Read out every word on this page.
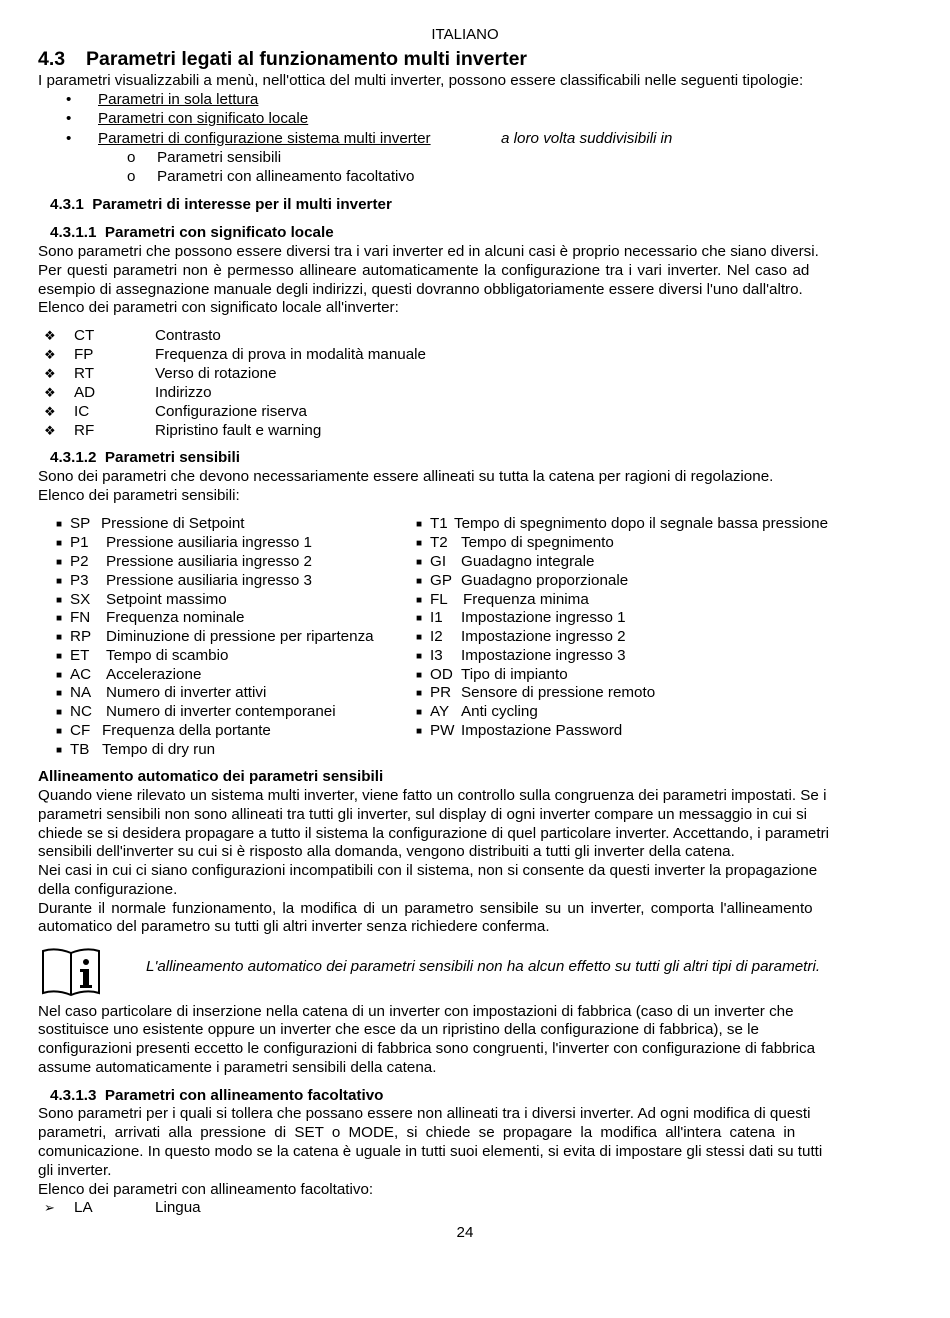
ITALIANO
4.3 Parametri legati al funzionamento multi inverter
I parametri visualizzabili a menù, nell'ottica del multi inverter, possono essere classificabili nelle seguenti tipologie:
• Parametri in sola lettura
• Parametri con significato locale
• Parametri di configurazione sistema multi inverter	a loro volta suddivisibili in
o Parametri sensibili
o Parametri con allineamento facoltativo
4.3.1 Parametri di interesse per il multi inverter
4.3.1.1 Parametri con significato locale
Sono parametri che possono essere diversi tra i vari inverter ed in alcuni casi è proprio necessario che siano diversi.
Per questi parametri non è permesso allineare automaticamente la configurazione tra i vari inverter. Nel caso ad
esempio di assegnazione manuale degli indirizzi, questi dovranno obbligatoriamente essere diversi l'uno dall'altro.
Elenco dei parametri con significato locale all'inverter:
❖ CT	Contrasto
❖ FP	Frequenza di prova in modalità manuale
❖ RT	Verso di rotazione
❖ AD	Indirizzo
❖ IC	Configurazione riserva
❖ RF	Ripristino fault e warning
4.3.1.2 Parametri sensibili
Sono dei parametri che devono necessariamente essere allineati su tutta la catena per ragioni di regolazione.
Elenco dei parametri sensibili:
■ SP Pressione di Setpoint
■ P1 Pressione ausiliaria ingresso 1
■ P2 Pressione ausiliaria ingresso 2
■ P3 Pressione ausiliaria ingresso 3
■ SX Setpoint massimo
■ FN Frequenza nominale
■ RP Diminuzione di pressione per ripartenza
■ ET Tempo di scambio
■ AC Accelerazione
■ NA Numero di inverter attivi
■ NC Numero di inverter contemporanei
■ CF Frequenza della portante
■ TB Tempo di dry run
■ T1 Tempo di spegnimento dopo il segnale bassa pressione
■ T2 Tempo di spegnimento
■ GI Guadagno integrale
■ GP Guadagno proporzionale
■ FL Frequenza minima
■ I1 Impostazione ingresso 1
■ I2 Impostazione ingresso 2
■ I3 Impostazione ingresso 3
■ OD Tipo di impianto
■ PR Sensore di pressione remoto
■ AY Anti cycling
■ PW Impostazione Password
Allineamento automatico dei parametri sensibili
Quando viene rilevato un sistema multi inverter, viene fatto un controllo sulla congruenza dei parametri impostati. Se i
parametri sensibili non sono allineati tra tutti gli inverter, sul display di ogni inverter compare un messaggio in cui si
chiede se si desidera propagare a tutto il sistema la configurazione di quel particolare inverter. Accettando, i parametri
sensibili dell'inverter su cui si è risposto alla domanda, vengono distribuiti a tutti gli inverter della catena.
Nei casi in cui ci siano configurazioni incompatibili con il sistema, non si consente da questi inverter la propagazione
della configurazione.
Durante il normale funzionamento, la modifica di un parametro sensibile su un inverter, comporta l'allineamento
automatico del parametro su tutti gli altri inverter senza richiedere conferma.
L'allineamento automatico dei parametri sensibili non ha alcun effetto su tutti gli altri tipi di parametri.
Nel caso particolare di inserzione nella catena di un inverter con impostazioni di fabbrica (caso di un inverter che
sostituisce uno esistente oppure un inverter che esce da un ripristino della configurazione di fabbrica), se le
configurazioni presenti eccetto le configurazioni di fabbrica sono congruenti, l'inverter con configurazione di fabbrica
assume automaticamente i parametri sensibili della catena.
4.3.1.3 Parametri con allineamento facoltativo
Sono parametri per i quali si tollera che possano essere non allineati tra i diversi inverter. Ad ogni modifica di questi
parametri, arrivati alla pressione di SET o MODE, si chiede se propagare la modifica all'intera catena in
comunicazione. In questo modo se la catena è uguale in tutti suoi elementi, si evita di impostare gli stessi dati su tutti
gli inverter.
Elenco dei parametri con allineamento facoltativo:
➢ LA	Lingua
24
